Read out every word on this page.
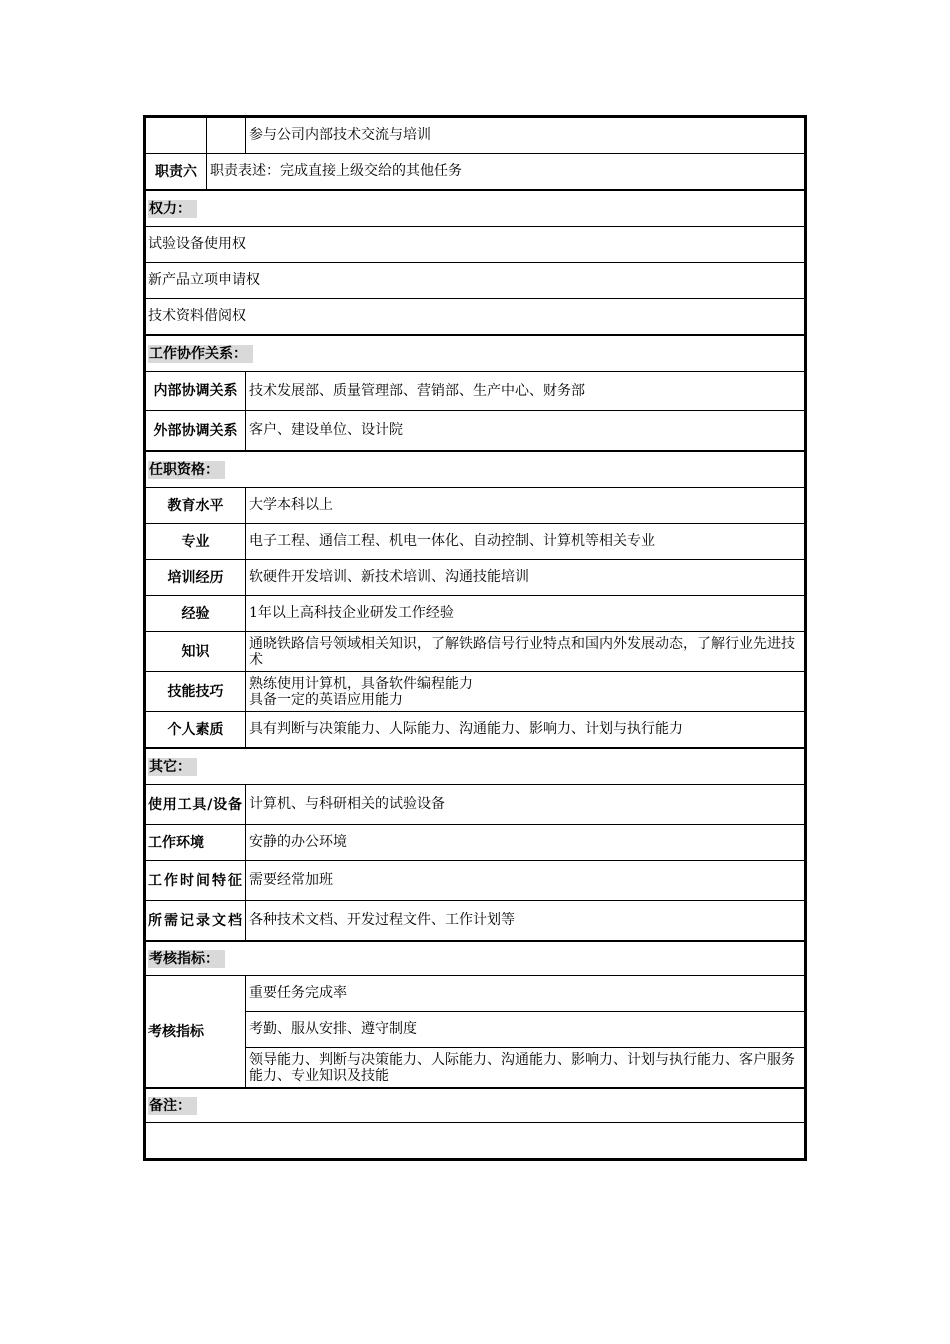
		参与公司内部技术交流与培训
职责六	职责表述：完成直接上级交给的其他任务	
权力：		
试验设备使用权		
新产品立项申请权		
技术资料借阅权		
工作协作关系：		
内部协调关系		技术发展部、质量管理部、营销部、生产中心、财务部
外部协调关系		客户、建设单位、设计院
任职资格：		
教育水平		大学本科以上
专业		电子工程、通信工程、机电一体化、自动控制、计算机等相关专业
培训经历		软硬件开发培训、新技术培训、沟通技能培训
经验		1年以上高科技企业研发工作经验
知识		通晓铁路信号领域相关知识，了解铁路信号行业特点和国内外发展动态，了解行业先进技术
技能技巧		熟练使用计算机，具备软件编程能力
具备一定的英语应用能力

个人素质		具有判断与决策能力、人际能力、沟通能力、影响力、计划与执行能力
其它：		
使用工具/设备		计算机、与科研相关的试验设备
工作环境		安静的办公环境
工作时间特征		需要经常加班
所需记录文档		各种技术文档、开发过程文件、工作计划等
考核指标：		
考核指标		重要任务完成率
		考勤、服从安排、遵守制度
		领导能力、判断与决策能力、人际能力、沟通能力、影响力、计划与执行能力、客户服务能力、专业知识及技能
备注：		
